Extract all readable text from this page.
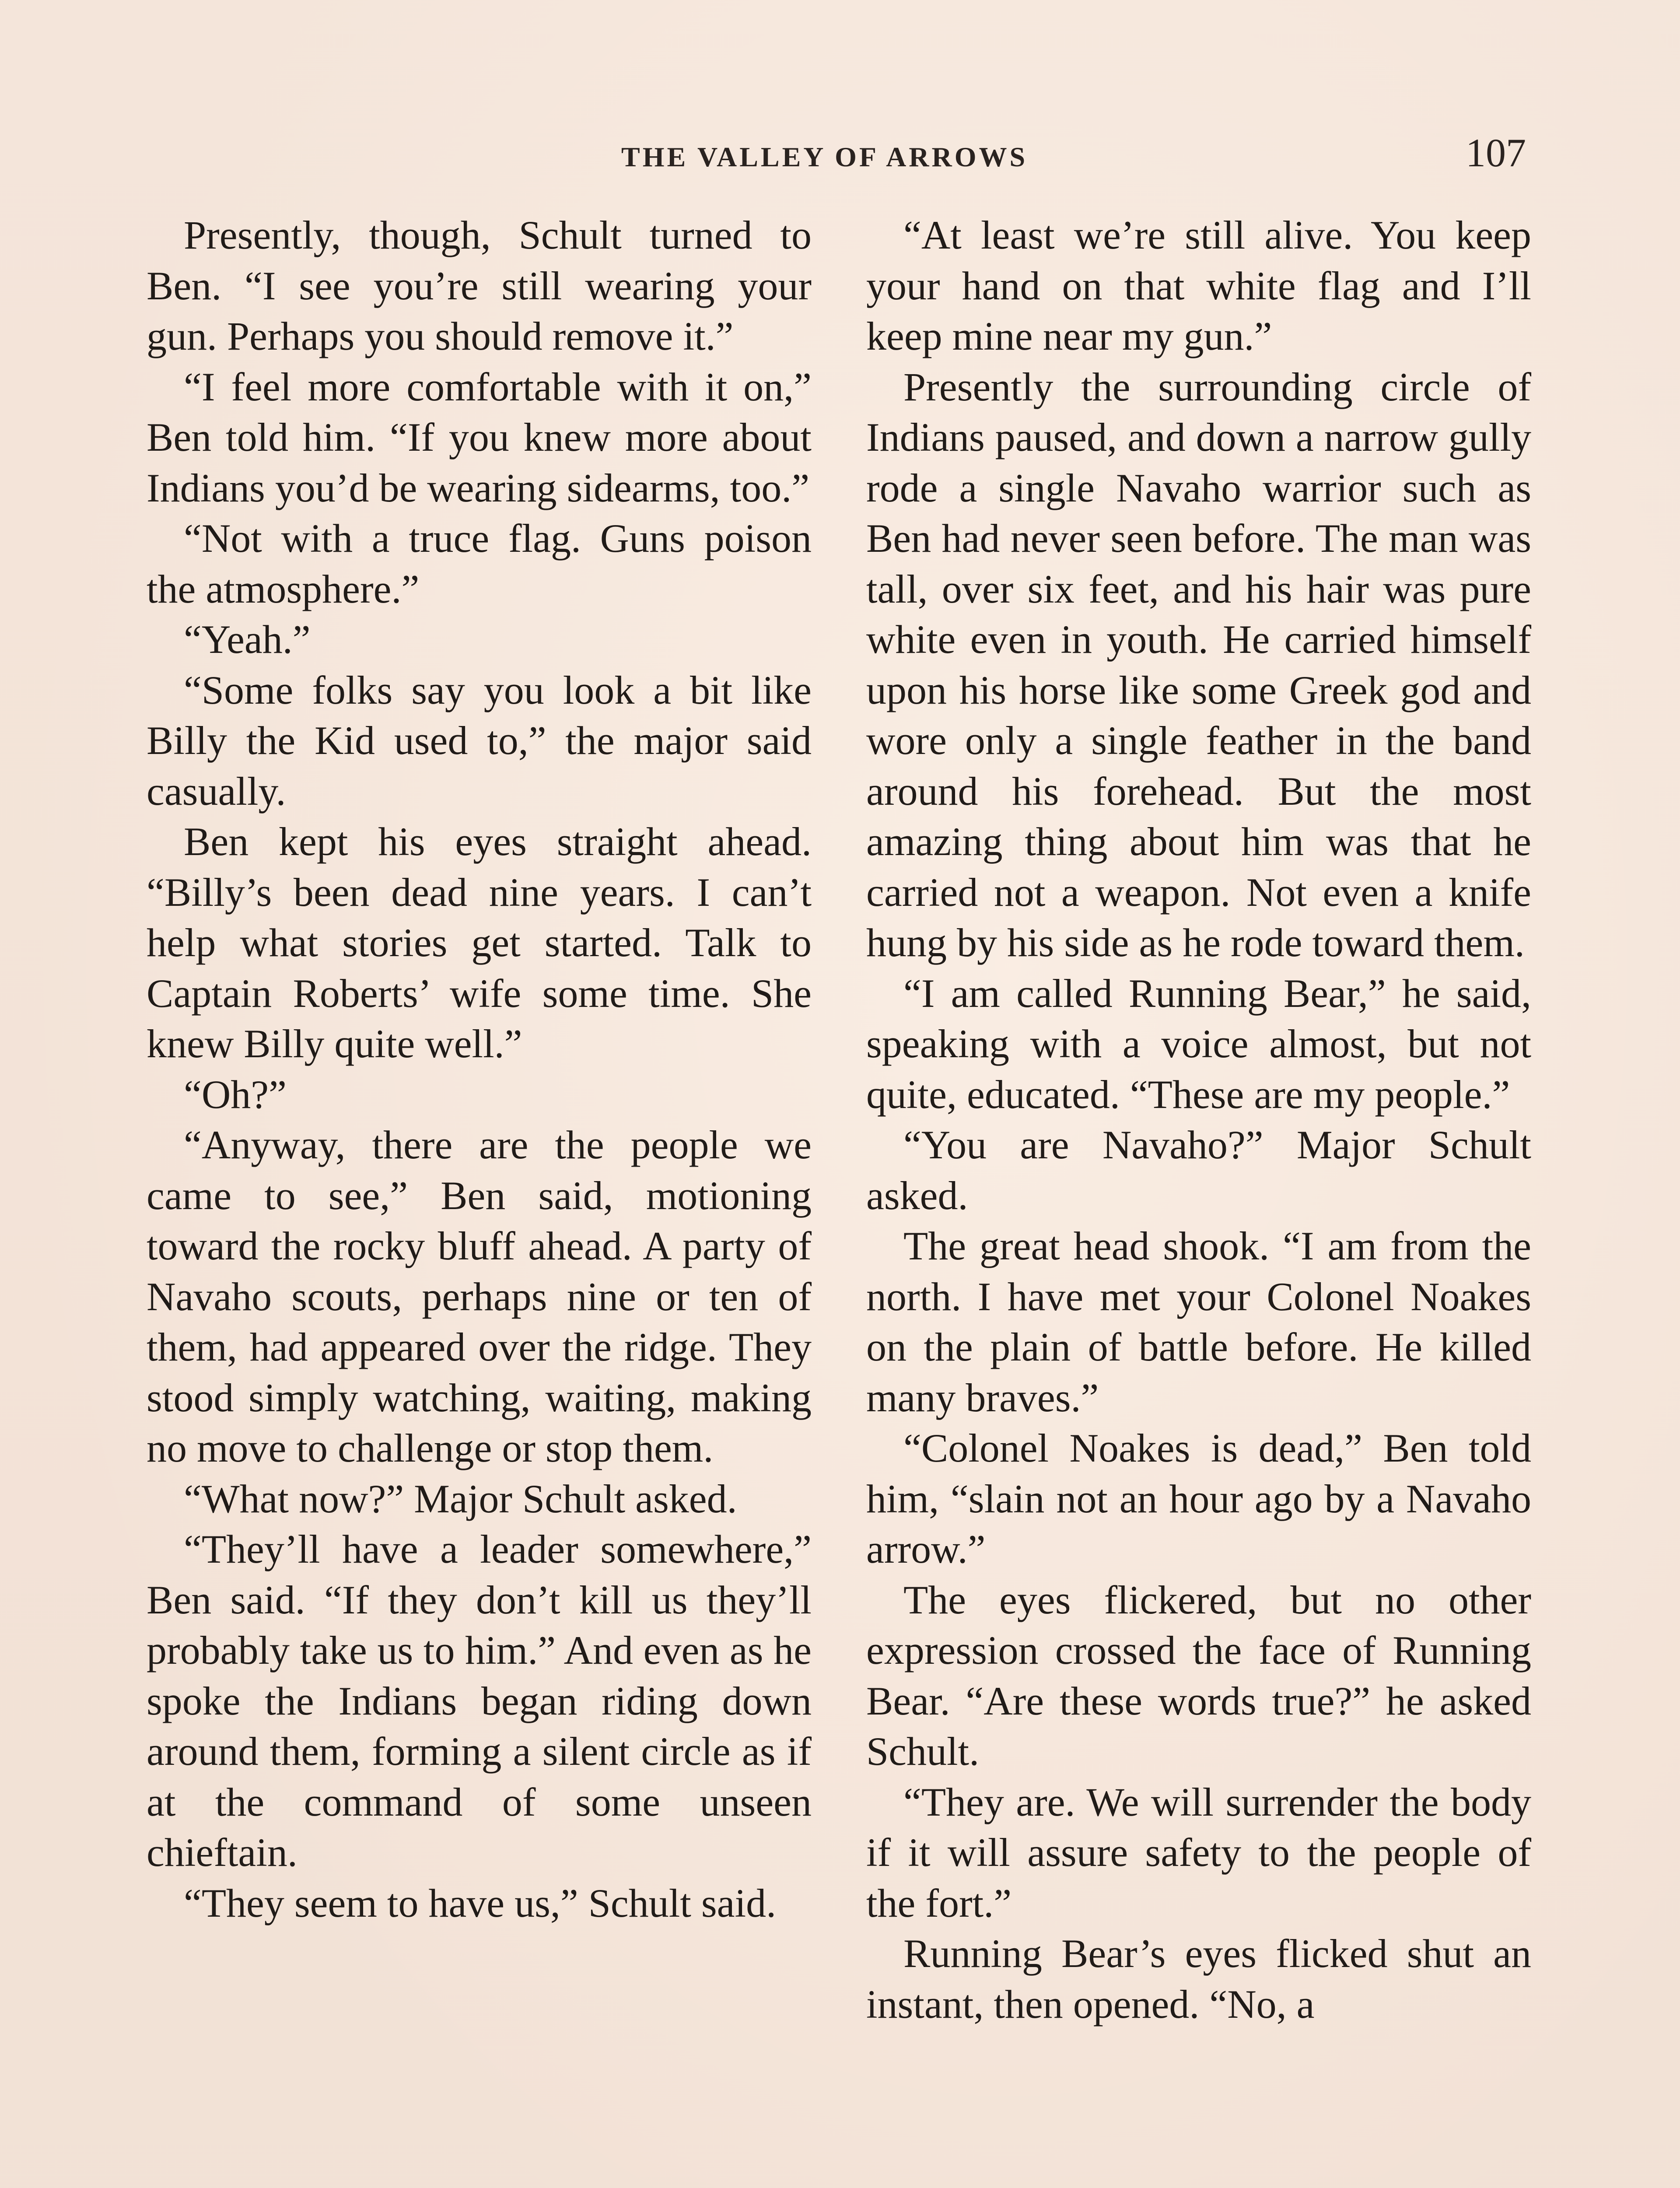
THE VALLEY OF ARROWS	107

Presently, though, Schult turned to Ben. “I see you’re still wearing your gun. Perhaps you should remove it.”

“I feel more comfortable with it on,” Ben told him. “If you knew more about Indians you’d be wearing sidearms, too.”

“Not with a truce flag. Guns poison the atmosphere.”

“Yeah.”

“Some folks say you look a bit like Billy the Kid used to,” the major said casually.

Ben kept his eyes straight ahead. “Billy’s been dead nine years. I can’t help what stories get started. Talk to Captain Roberts’ wife some time. She knew Billy quite well.”

“Oh?”

“Anyway, there are the people we came to see,” Ben said, motioning toward the rocky bluff ahead. A party of Navaho scouts, perhaps nine or ten of them, had appeared over the ridge. They stood simply watching, waiting, making no move to challenge or stop them.

“What now?” Major Schult asked.

“They’ll have a leader somewhere,” Ben said. “If they don’t kill us they’ll probably take us to him.” And even as he spoke the Indians began riding down around them, forming a silent circle as if at the command of some unseen chieftain.

“They seem to have us,” Schult said.

“At least we’re still alive. You keep your hand on that white flag and I’ll keep mine near my gun.”

Presently the surrounding circle of Indians paused, and down a narrow gully rode a single Navaho warrior such as Ben had never seen before. The man was tall, over six feet, and his hair was pure white even in youth. He carried himself upon his horse like some Greek god and wore only a single feather in the band around his forehead. But the most amazing thing about him was that he carried not a weapon. Not even a knife hung by his side as he rode toward them.

“I am called Running Bear,” he said, speaking with a voice almost, but not quite, educated. “These are my people.”

“You are Navaho?” Major Schult asked.

The great head shook. “I am from the north. I have met your Colonel Noakes on the plain of battle before. He killed many braves.”

“Colonel Noakes is dead,” Ben told him, “slain not an hour ago by a Navaho arrow.”

The eyes flickered, but no other expression crossed the face of Running Bear. “Are these words true?” he asked Schult.

“They are. We will surrender the body if it will assure safety to the people of the fort.”

Running Bear’s eyes flicked shut an instant, then opened. “No, a
